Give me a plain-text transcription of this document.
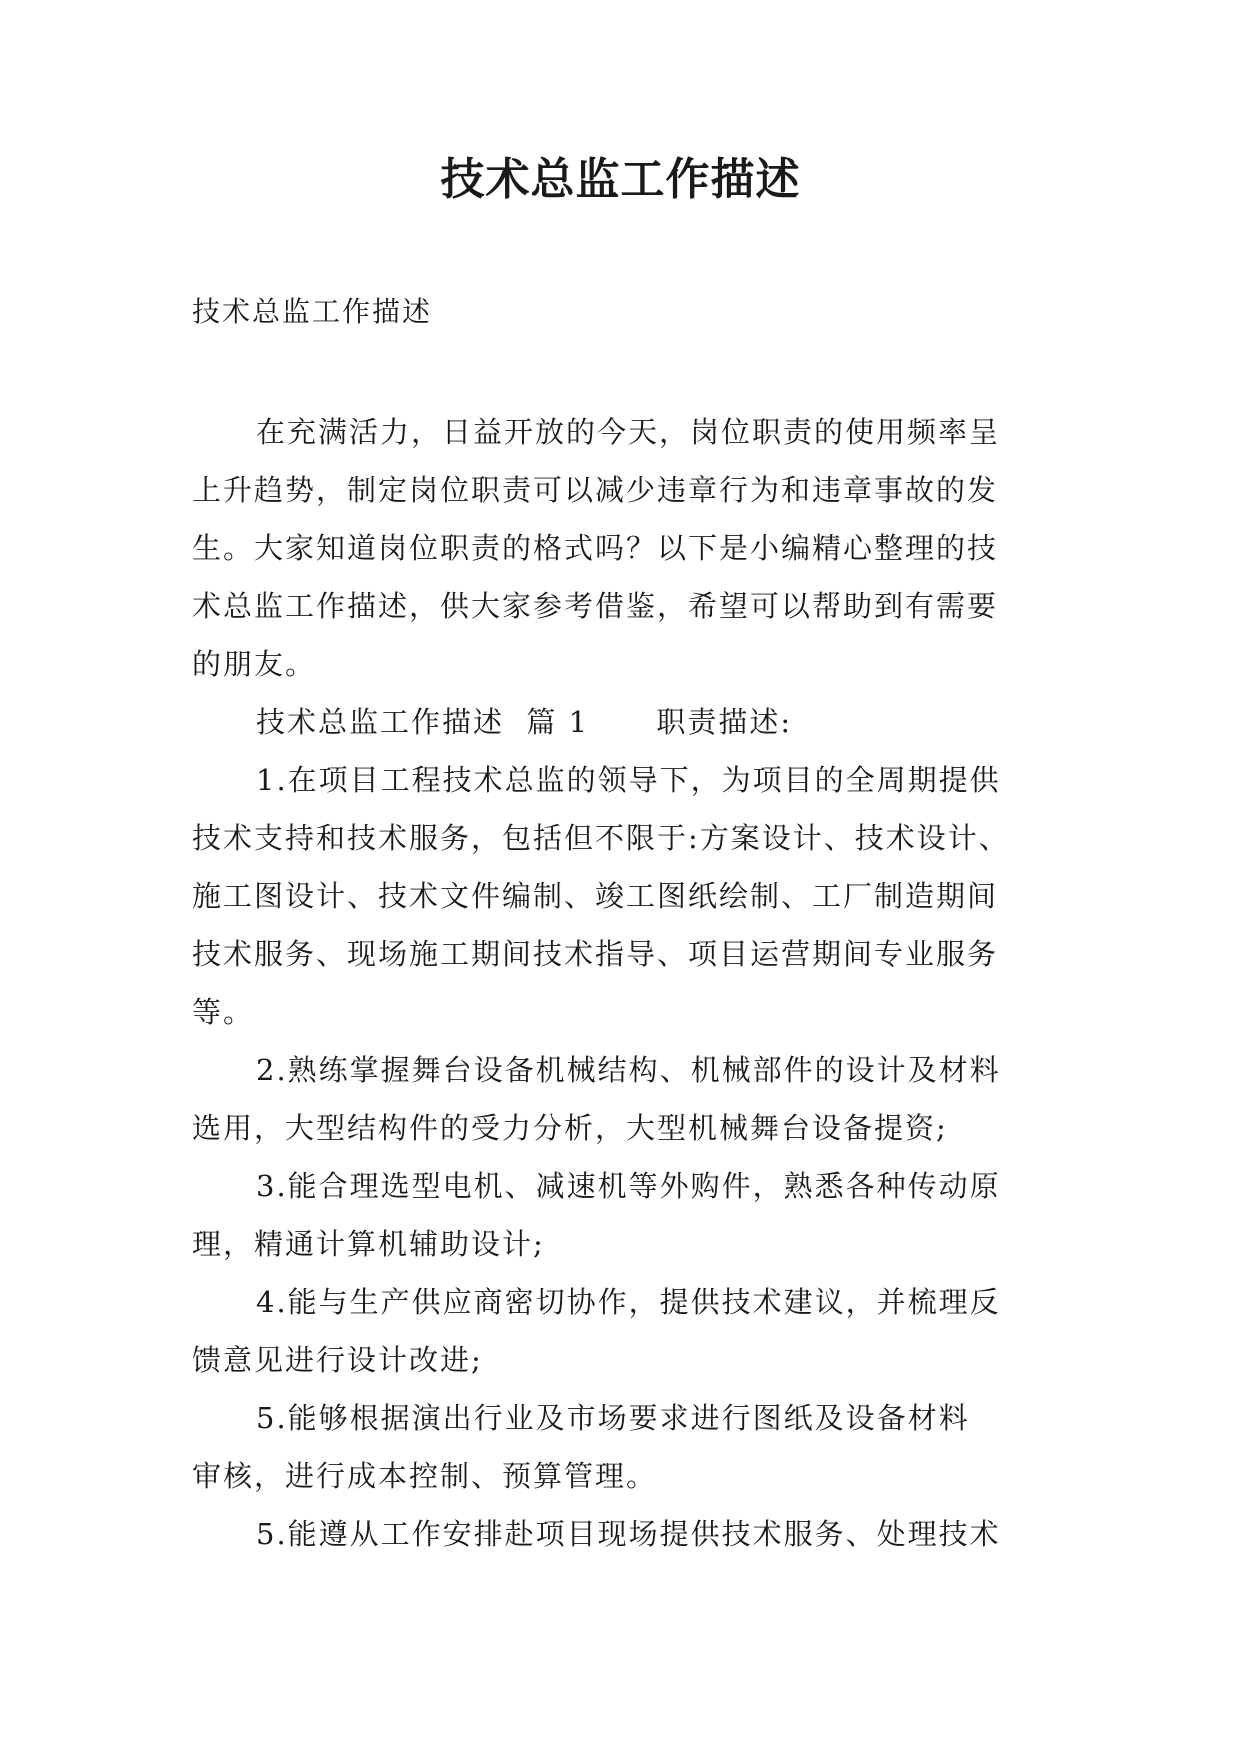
技术总监工作描述
技术总监工作描述

在充满活力，日益开放的今天，岗位职责的使用频率呈
上升趋势，制定岗位职责可以减少违章行为和违章事故的发
生。大家知道岗位职责的格式吗？以下是小编精心整理的技
术总监工作描述，供大家参考借鉴，希望可以帮助到有需要
的朋友。
技术总监工作描述  篇 1      职责描述:
1.在项目工程技术总监的领导下，为项目的全周期提供
技术支持和技术服务，包括但不限于:方案设计、技术设计、
施工图设计、技术文件编制、竣工图纸绘制、工厂制造期间
技术服务、现场施工期间技术指导、项目运营期间专业服务
等。
2.熟练掌握舞台设备机械结构、机械部件的设计及材料
选用，大型结构件的受力分析，大型机械舞台设备提资;
3.能合理选型电机、减速机等外购件，熟悉各种传动原
理，精通计算机辅助设计;
4.能与生产供应商密切协作，提供技术建议，并梳理反
馈意见进行设计改进;
5.能够根据演出行业及市场要求进行图纸及设备材料
审核，进行成本控制、预算管理。
5.能遵从工作安排赴项目现场提供技术服务、处理技术
